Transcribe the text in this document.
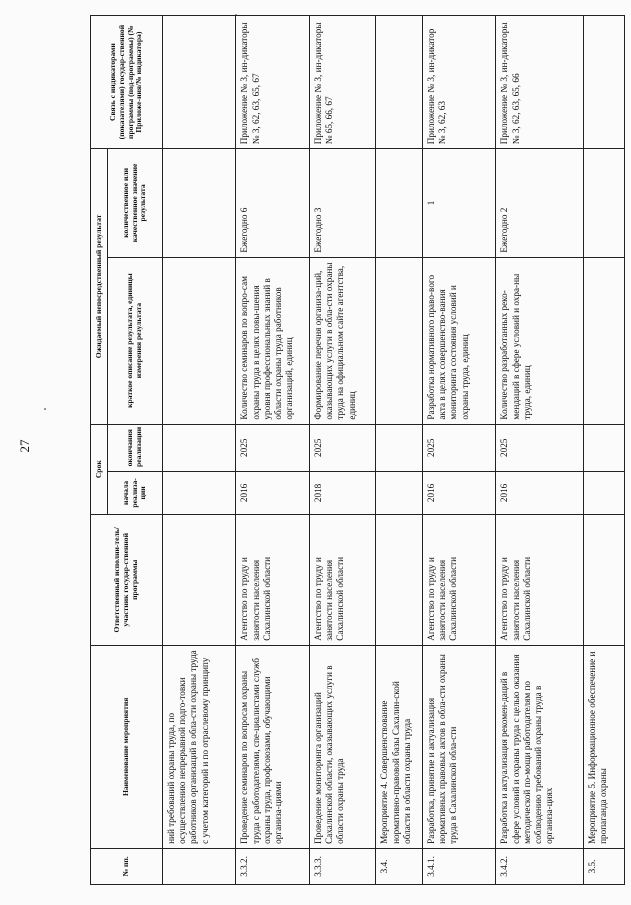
27
№ пп.	Наименование мероприятия	Ответственный исполни-тель/участник государ-ственной программы	Срок		Ожидаемый непосредственный результат		Связь с индикаторами (показателями) государ-ственной программы (под-программы) (№ Приложе-ния/№ индикатора)
			начала реализа-ции	окончания реализации	краткое описание результата, единицы измерения результата	количественное или качественное значение результата	
	ний требований охраны труда, по осуществлению непрерывной подго-товки работников организаций в обла-сти охраны труда с учетом категорий и по отраслевому принципу						
3.3.2.	Проведение семинаров по вопросам охраны труда с работодателями, спе-циалистами служб охраны труда, профсоюзами, обучающими организа-циями	Агентство по труду и занятости населения Сахалинской области	2016	2025	Количество семинаров по вопро-сам охраны труда в целях повы-шения уровня профессиональных знаний в области охраны труда работников организаций, единиц	Ежегодно 6	Приложение № 3, ин-дикаторы № 3, 62, 63, 65, 67
3.3.3.	Проведение мониторинга организаций Сахалинской области, оказывающих услуги в области охраны труда	Агентство по труду и занятости населения Сахалинской области	2018	2025	Формирование перечня организа-ций, оказывающих услуги в обла-сти охраны труда на официальном сайте агентства, единиц	Ежегодно 3	Приложение № 3, ин-дикаторы № 65, 66, 67
3.4.	Мероприятие 4. Совершенствование нормативно-правовой базы Сахалин-ской области в области охраны труда						
3.4.1.	Разработка, принятие и актуализация нормативных правовых актов в обла-сти охраны труда в Сахалинской обла-сти	Агентство по труду и занятости населения Сахалинской области	2016	2025	Разработка нормативного право-вого акта в целях совершенство-вания мониторинга состояния условий и охраны труда, единиц	1	Приложение № 3, ин-дикатор № 3, 62, 63
3.4.2.	Разработка и актуализация рекомен-даций в сфере условий и охраны труда с целью оказания методической по-мощи работодателям по соблюдению требований охраны труда в организа-циях	Агентство по труду и занятости населения Сахалинской области	2016	2025	Количество разработанных реко-мендаций в сфере условий и охра-ны труда, единиц	Ежегодно 2	Приложение № 3, ин-дикаторы № 3, 62, 63, 65, 66
3.5.	Мероприятие 5. Информационное обеспечение и пропаганда охраны						
